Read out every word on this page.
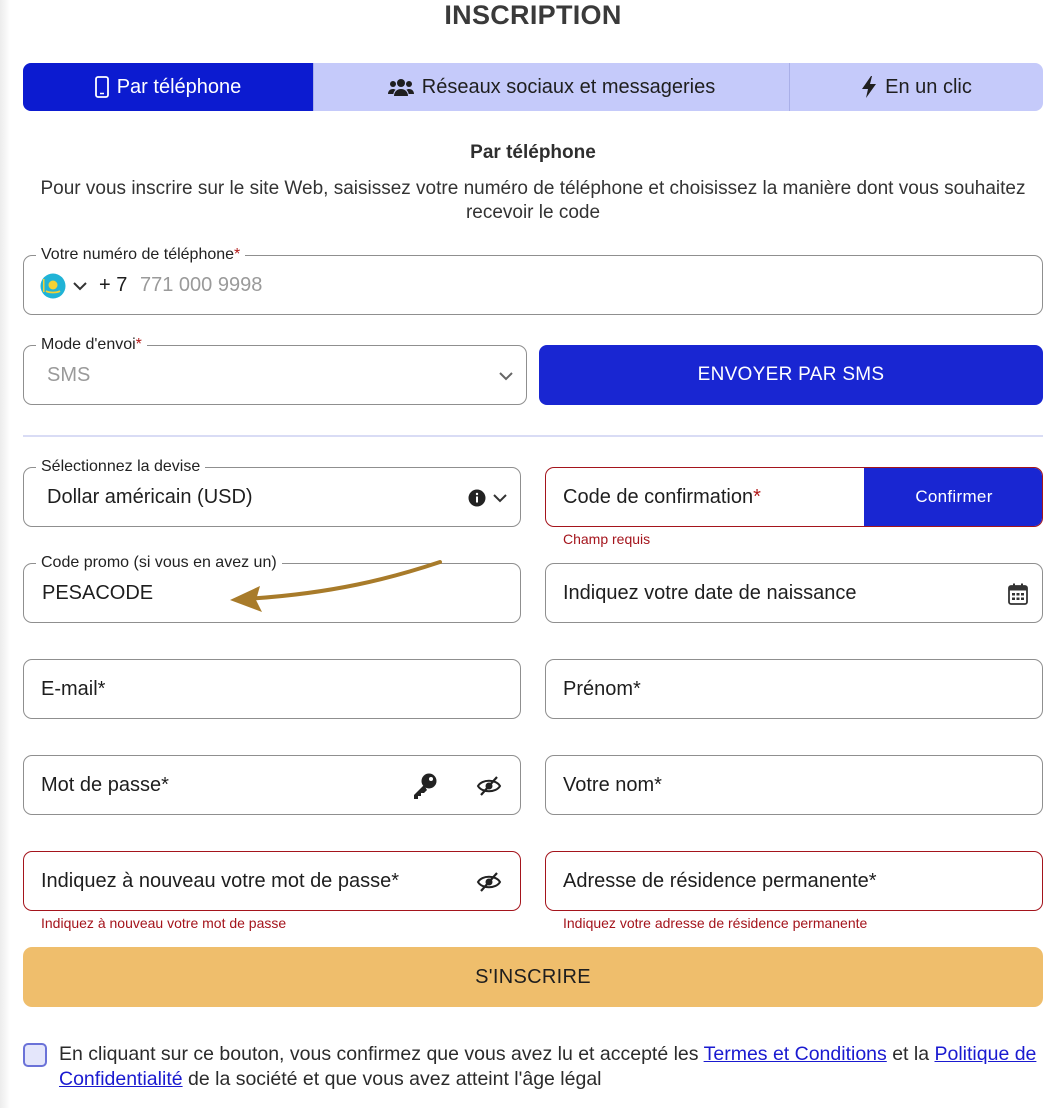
INSCRIPTION
Par téléphone	Réseaux sociaux et messageries	En un clic
Par téléphone
Pour vous inscrire sur le site Web, saisissez votre numéro de téléphone et choisissez la manière dont vous souhaitez recevoir le code
Votre numéro de téléphone*
+ 7 771 000 9998
Mode d'envoi*
SMS	ENVOYER PAR SMS
Sélectionnez la devise
Dollar américain (USD)	Code de confirmation *	Confirmer
Champ requis
Code promo (si vous en avez un)
PESACODE	Indiquez votre date de naissance
E-mail*	Prénom*
Mot de passe*	Votre nom*
Indiquez à nouveau votre mot de passe*
Indiquez à nouveau votre mot de passe
Adresse de résidence permanente*
Indiquez votre adresse de résidence permanente
S'INSCRIRE
En cliquant sur ce bouton, vous confirmez que vous avez lu et accepté les Termes et Conditions et la Politique de Confidentialité de la société et que vous avez atteint l'âge légal
